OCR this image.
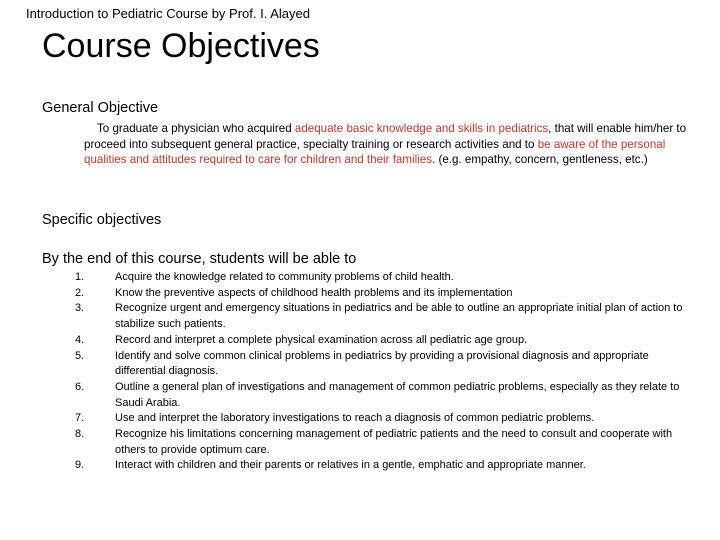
Introduction to Pediatric Course by Prof. I. Alayed
Course Objectives
General Objective
To graduate a physician who acquired adequate basic knowledge and skills in pediatrics, that will enable him/her to proceed into subsequent general practice, specialty training or research activities and to be aware of the personal qualities and attitudes required to care for children and their families. (e.g. empathy, concern, gentleness, etc.)
Specific objectives
By the end of this course, students will be able to
1.	Acquire the knowledge related to community problems of child health.
2.	Know the preventive aspects of childhood health problems and its implementation
3.	Recognize urgent and emergency situations in pediatrics and be able to outline an appropriate initial plan of action to stabilize such patients.
4.	Record and interpret a complete physical examination across all pediatric age group.
5.	Identify and solve common clinical problems in pediatrics by providing a provisional diagnosis and appropriate differential diagnosis.
6.	Outline a general plan of investigations and management of common pediatric problems, especially as they relate to Saudi Arabia.
7.	Use and interpret the laboratory investigations to reach a diagnosis of common pediatric problems.
8.	Recognize his limitations concerning management of pediatric patients and the need to consult and cooperate with others to provide optimum care.
9.	Interact with children and their parents or relatives in a gentle, emphatic and appropriate manner.
